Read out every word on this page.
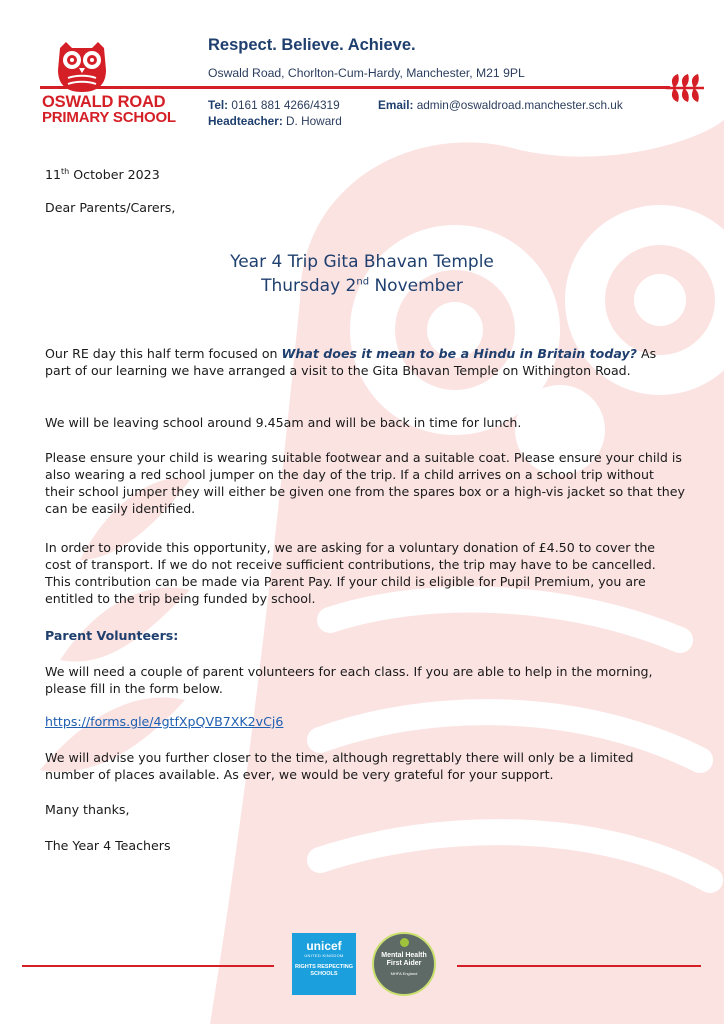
OSWALD ROAD
PRIMARY SCHOOL
Respect. Believe. Achieve.
Oswald Road, Chorlton-Cum-Hardy, Manchester, M21 9PL
Tel: 0161 881 4266/4319	Email: admin@oswaldroad.manchester.sch.uk
Headteacher: D. Howard
11th October 2023
Dear Parents/Carers,
Year 4 Trip Gita Bhavan Temple
Thursday 2nd November
Our RE day this half term focused on What does it mean to be a Hindu in Britain today? As part of our learning we have arranged a visit to the Gita Bhavan Temple on Withington Road.
We will be leaving school around 9.45am and will be back in time for lunch.
Please ensure your child is wearing suitable footwear and a suitable coat. Please ensure your child is also wearing a red school jumper on the day of the trip. If a child arrives on a school trip without their school jumper they will either be given one from the spares box or a high-vis jacket so that they can be easily identified.
In order to provide this opportunity, we are asking for a voluntary donation of £4.50 to cover the cost of transport. If we do not receive sufficient contributions, the trip may have to be cancelled. This contribution can be made via Parent Pay. If your child is eligible for Pupil Premium, you are entitled to the trip being funded by school.
Parent Volunteers:
We will need a couple of parent volunteers for each class. If you are able to help in the morning, please fill in the form below.
https://forms.gle/4gtfXpQVB7XK2vCj6
We will advise you further closer to the time, although regrettably there will only be a limited number of places available. As ever, we would be very grateful for your support.
Many thanks,
The Year 4 Teachers
unicef
UNITED KINGDOM
RIGHTS RESPECTING SCHOOLS
Mental Health First Aider
MHFA England
